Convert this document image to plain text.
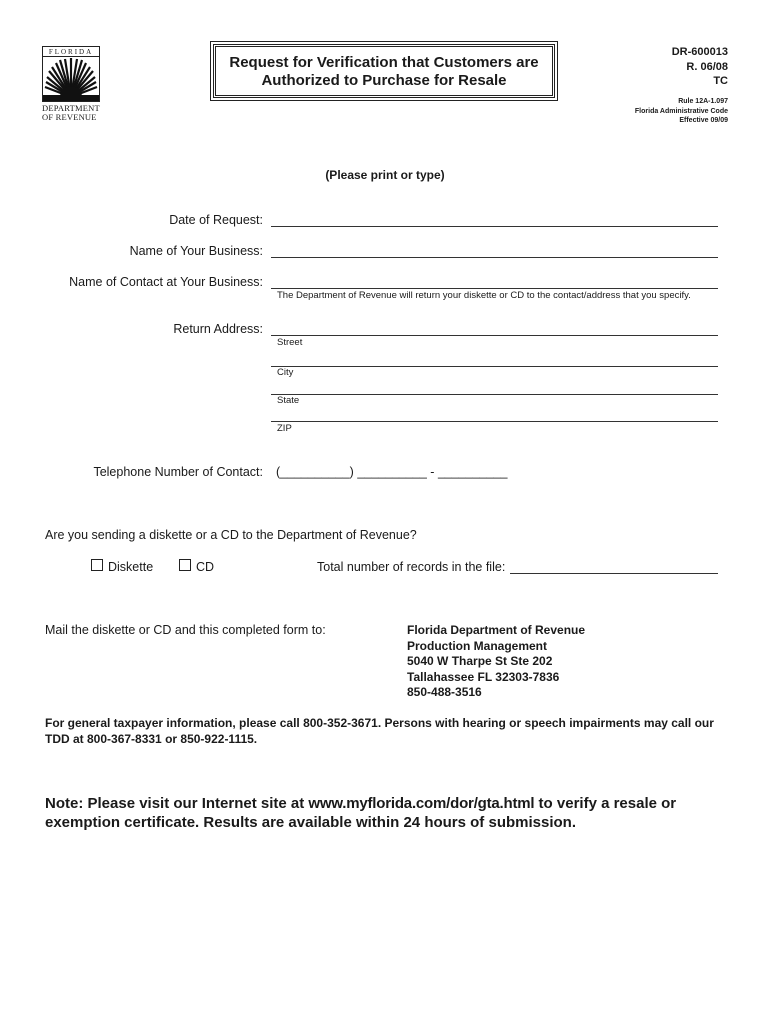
FLORIDA
DEPARTMENT
OF REVENUE
Request for Verification that Customers are
Authorized to Purchase for Resale
DR-600013
R. 06/08
TC
Rule 12A-1.097
Florida Administrative Code
Effective 09/09
(Please print or type)
Date of Request:
Name of Your Business:
Name of Contact at Your Business:
The Department of Revenue will return your diskette or CD to the contact/address that you specify.
Return Address:
Street
City
State
ZIP
Telephone Number of Contact: (__________) __________ - __________
Are you sending a diskette or a CD to the Department of Revenue?
Diskette	CD	Total number of records in the file:
Mail the diskette or CD and this completed form to:	Florida Department of Revenue
Production Management
5040 W Tharpe St Ste 202
Tallahassee FL 32303-7836
850-488-3516
For general taxpayer information, please call 800-352-3671. Persons with hearing or speech impairments may call our TDD at 800-367-8331 or 850-922-1115.
Note: Please visit our Internet site at www.myflorida.com/dor/gta.html to verify a resale or exemption certificate. Results are available within 24 hours of submission.
